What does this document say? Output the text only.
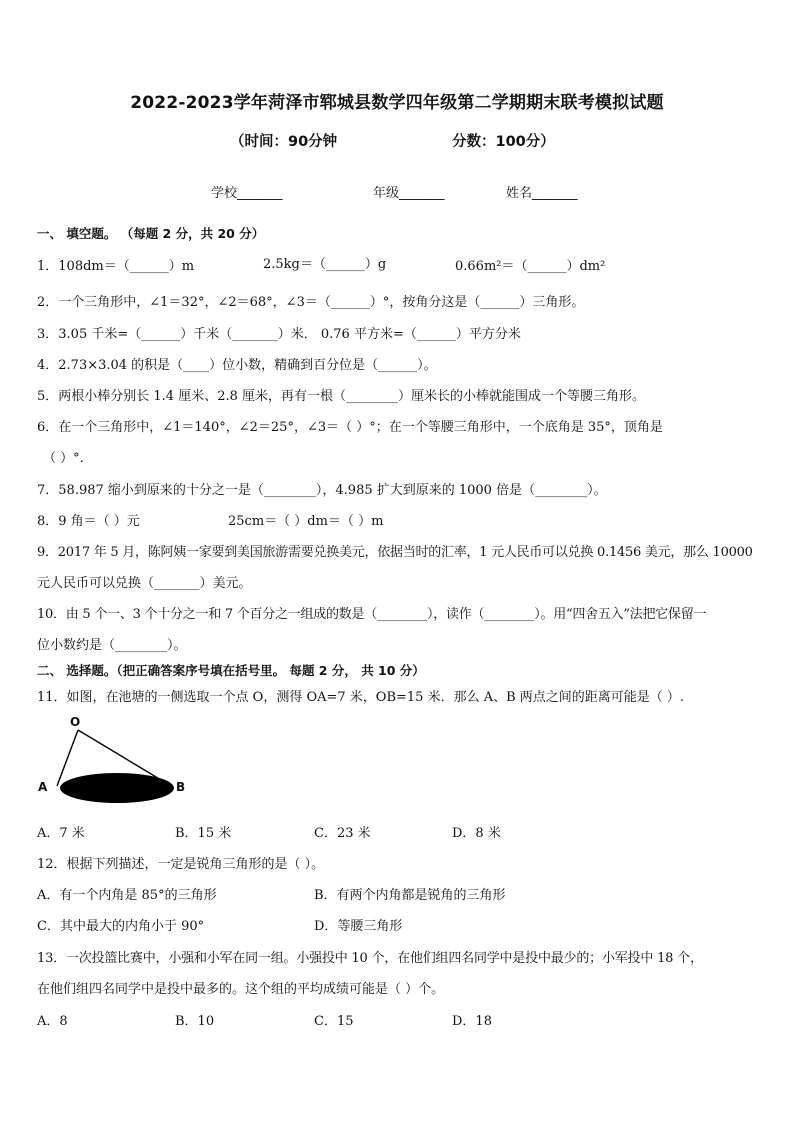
2022-2023学年菏泽市郓城县数学四年级第二学期期末联考模拟试题
（时间：90分钟	分数：100分）
学校_______	年级_______	姓名_______
一、 填空题。 （每题 2 分，共 20 分）
1．108dm＝（______）m	2.5kg＝（______）g	0.66m²＝（______）dm²
2．一个三角形中，∠1＝32°，∠2＝68°，∠3＝（______）°，按角分这是（______）三角形。
3．3.05 千米=（______）千米（_______）米． 0.76 平方米=（______）平方分米
4．2.73×3.04 的积是（____）位小数，精确到百分位是（______）。
5．两根小棒分别长 1.4 厘米、2.8 厘米，再有一根（________）厘米长的小棒就能围成一个等腰三角形。
6．在一个三角形中，∠1＝140°，∠2＝25°，∠3＝（ ）°；在一个等腰三角形中，一个底角是 35°，顶角是
（ ）°.
7．58.987 缩小到原来的十分之一是（________），4.985 扩大到原来的 1000 倍是（________）。
8．9 角＝（ ）元	25cm＝（ ）dm＝（ ）m
9．2017 年 5 月，陈阿姨一家要到美国旅游需要兑换美元，依据当时的汇率，1 元人民币可以兑换 0.1456 美元，那么 10000
元人民币可以兑换（_______）美元。
10．由 5 个一、3 个十分之一和 7 个百分之一组成的数是（________），读作（________）。用“四舍五入”法把它保留一
位小数约是（________）。
二、 选择题。（把正确答案序号填在括号里。 每题 2 分， 共 10 分）
11．如图，在池塘的一侧选取一个点 O，测得 OA=7 米，OB=15 米．那么 A、B 两点之间的距离可能是（ ）.
O
A	B
A．7 米	B．15 米	C．23 米	D．8 米
12．根据下列描述，一定是锐角三角形的是（ ）。
A．有一个内角是 85°的三角形	B．有两个内角都是锐角的三角形
C．其中最大的内角小于 90°	D．等腰三角形
13．一次投篮比赛中，小强和小军在同一组。小强投中 10 个，在他们组四名同学中是投中最少的；小军投中 18 个，
在他们组四名同学中是投中最多的。这个组的平均成绩可能是（ ）个。
A．8	B．10	C．15	D．18
